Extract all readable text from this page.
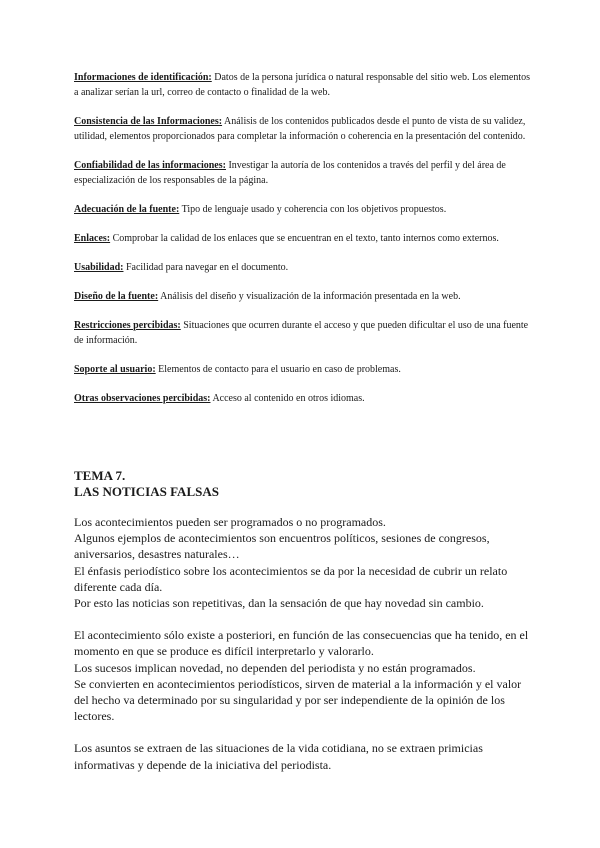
Informaciones de identificación: Datos de la persona jurídica o natural responsable del sitio web. Los elementos a analizar serían la url, correo de contacto o finalidad de la web.

Consistencia de las Informaciones: Análisis de los contenidos publicados desde el punto de vista de su validez, utilidad, elementos proporcionados para completar la información o coherencia en la presentación del contenido.

Confiabilidad de las informaciones: Investigar la autoría de los contenidos a través del perfil y del área de especialización de los responsables de la página.

Adecuación de la fuente: Tipo de lenguaje usado y coherencia con los objetivos propuestos.

Enlaces: Comprobar la calidad de los enlaces que se encuentran en el texto, tanto internos como externos.

Usabilidad: Facilidad para navegar en el documento.

Diseño de la fuente: Análisis del diseño y visualización de la información presentada en la web.

Restricciones percibidas: Situaciones que ocurren durante el acceso y que pueden dificultar el uso de una fuente de información.

Soporte al usuario: Elementos de contacto para el usuario en caso de problemas.

Otras observaciones percibidas: Acceso al contenido en otros idiomas.

TEMA 7.
LAS NOTICIAS FALSAS

Los acontecimientos pueden ser programados o no programados.
Algunos ejemplos de acontecimientos son encuentros políticos, sesiones de congresos, aniversarios, desastres naturales…
El énfasis periodístico sobre los acontecimientos se da por la necesidad de cubrir un relato diferente cada día.
Por esto las noticias son repetitivas, dan la sensación de que hay novedad sin cambio.

El acontecimiento sólo existe a posteriori, en función de las consecuencias que ha tenido, en el momento en que se produce es difícil interpretarlo y valorarlo.
Los sucesos implican novedad, no dependen del periodista y no están programados.
Se convierten en acontecimientos periodísticos, sirven de material a la información y el valor del hecho va determinado por su singularidad y por ser independiente de la opinión de los lectores.

Los asuntos se extraen de las situaciones de la vida cotidiana, no se extraen primicias informativas y depende de la iniciativa del periodista.
